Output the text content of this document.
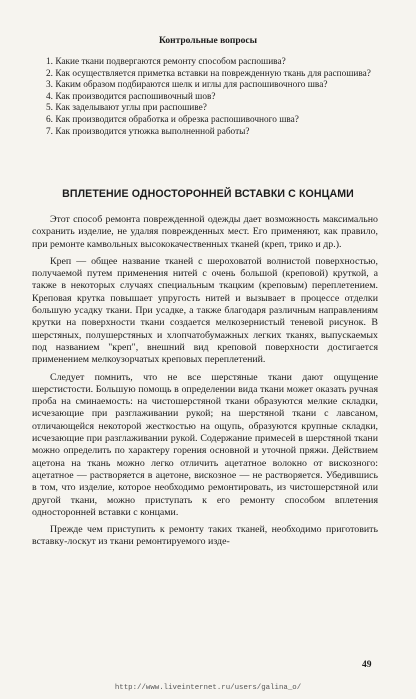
Контрольные вопросы
1. Какие ткани подвергаются ремонту способом распошива?
2. Как осуществляется приметка вставки на поврежденную ткань для распошива?
3. Каким образом подбираются шелк и иглы для распошивочного шва?
4. Как производится распошивочный шов?
5. Как заделывают углы при распошиве?
6. Как производится обработка и обрезка распошивочного шва?
7. Как производится утюжка выполненной работы?
ВПЛЕТЕНИЕ ОДНОСТОРОННЕЙ ВСТАВКИ С КОНЦАМИ

Этот способ ремонта поврежденной одежды дает возможность максимально сохранить изделие, не удаляя поврежденных мест. Его применяют, как правило, при ремонте камвольных высококачественных тканей (креп, трико и др.).

Креп — общее название тканей с шероховатой волнистой поверхностью, получаемой путем применения нитей с очень большой (креповой) круткой, а также в некоторых случаях специальным ткацким (креповым) переплетением. Креповая крутка повышает упругость нитей и вызывает в процессе отделки большую усадку ткани. При усадке, а также благодаря различным направлениям крутки на поверхности ткани создается мелкозернистый теневой рисунок. В шерстяных, полушерстяных и хлопчатобумажных легких тканях, выпускаемых под названием "креп", внешний вид креповой поверхности достигается применением мелкоузорчатых креповых переплетений.

Следует помнить, что не все шерстяные ткани дают ощущение шерстистости. Большую помощь в определении вида ткани может оказать ручная проба на сминаемость: на чистошерстяной ткани образуются мелкие складки, исчезающие при разглаживании рукой; на шерстяной ткани с лавсаном, отличающейся некоторой жесткостью на ощупь, образуются крупные складки, исчезающие при разглаживании рукой. Содержание примесей в шерстяной ткани можно определить по характеру горения основной и уточной пряжи. Действием ацетона на ткань можно легко отличить ацетатное волокно от вискозного: ацетатное — растворяется в ацетоне, вискозное — не растворяется. Убедившись в том, что изделие, которое необходимо ремонтировать, из чистошерстяной или другой ткани, можно приступать к его ремонту способом вплетения односторонней вставки с концами.

Прежде чем приступить к ремонту таких тканей, необходимо приготовить вставку-лоскут из ткани ремонтируемого изде-

49
http://www.liveinternet.ru/users/galina_o/
